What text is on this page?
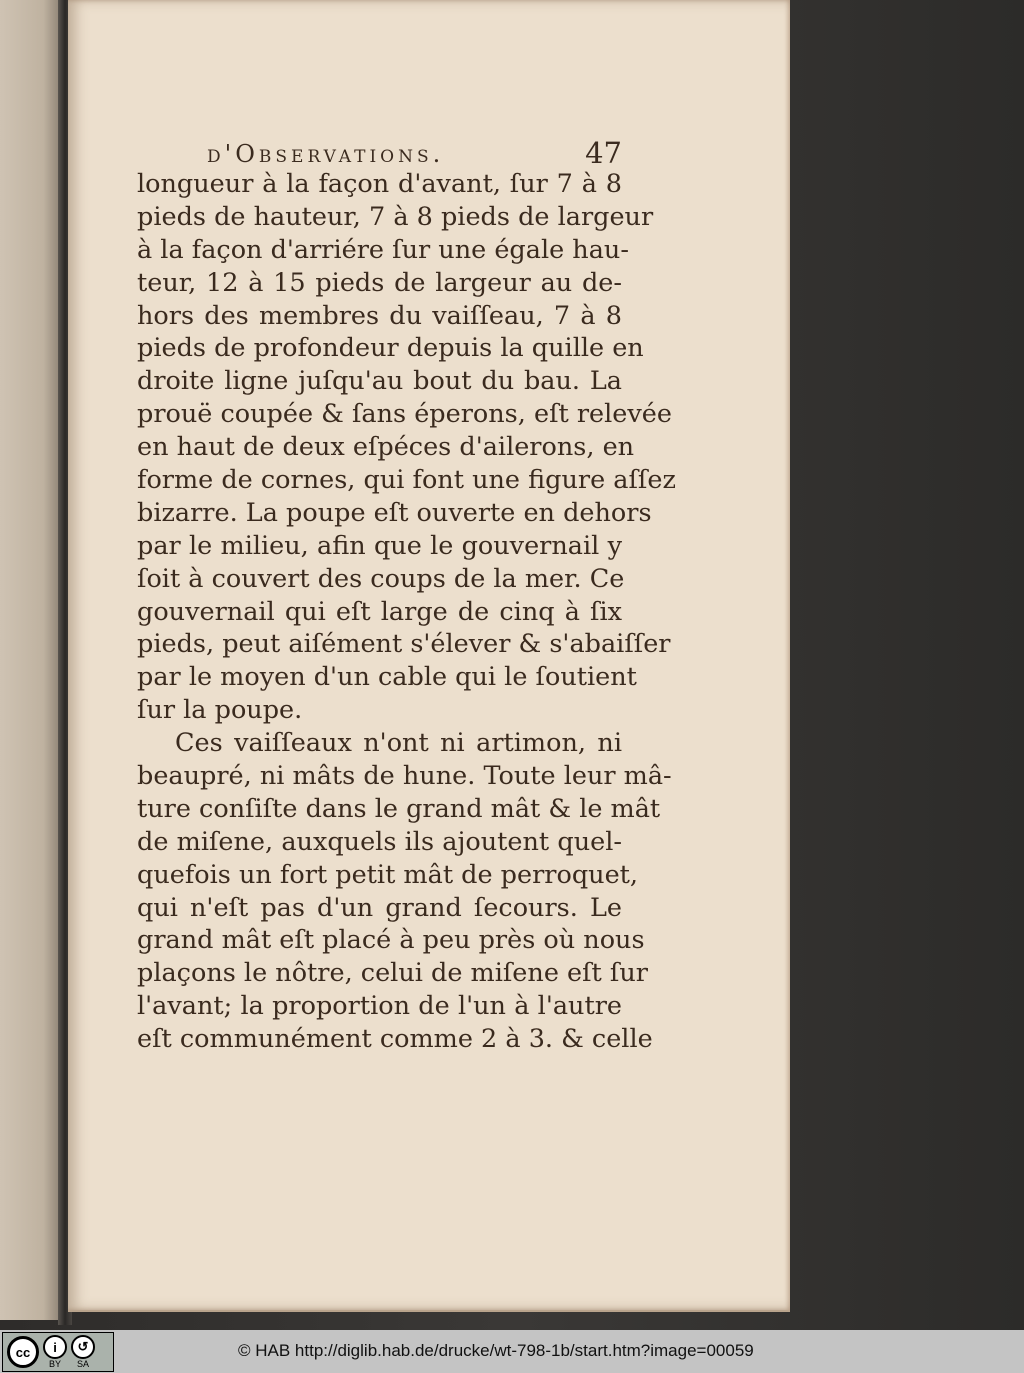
d'Observations.	47
longueur à la façon d'avant, ſur 7 à 8
pieds de hauteur, 7 à 8 pieds de largeur
à la façon d'arriére ſur une égale hau-
teur, 12 à 15 pieds de largeur au de-
hors des membres du vaiſſeau, 7 à 8
pieds de profondeur depuis la quille en
droite ligne juſqu'au bout du bau. La
prouë coupée & ſans éperons, eſt relevée
en haut de deux eſpéces d'ailerons, en
forme de cornes, qui font une figure aſſez
bizarre. La poupe eſt ouverte en dehors
par le milieu, afin que le gouvernail y
ſoit à couvert des coups de la mer. Ce
gouvernail qui eſt large de cinq à ſix
pieds, peut aiſément s'élever & s'abaiſſer
par le moyen d'un cable qui le ſoutient
ſur la poupe.
Ces vaiſſeaux n'ont ni artimon, ni
beaupré, ni mâts de hune. Toute leur mâ-
ture conſiſte dans le grand mât & le mât
de miſene, auxquels ils ajoutent quel-
quefois un fort petit mât de perroquet,
qui n'eſt pas d'un grand ſecours. Le
grand mât eſt placé à peu près où nous
plaçons le nôtre, celui de miſene eſt ſur
l'avant; la proportion de l'un à l'autre
eſt communément comme 2 à 3. & celle
cc	i
BY
↺
SA
© HAB http://diglib.hab.de/drucke/wt-798-1b/start.htm?image=00059
